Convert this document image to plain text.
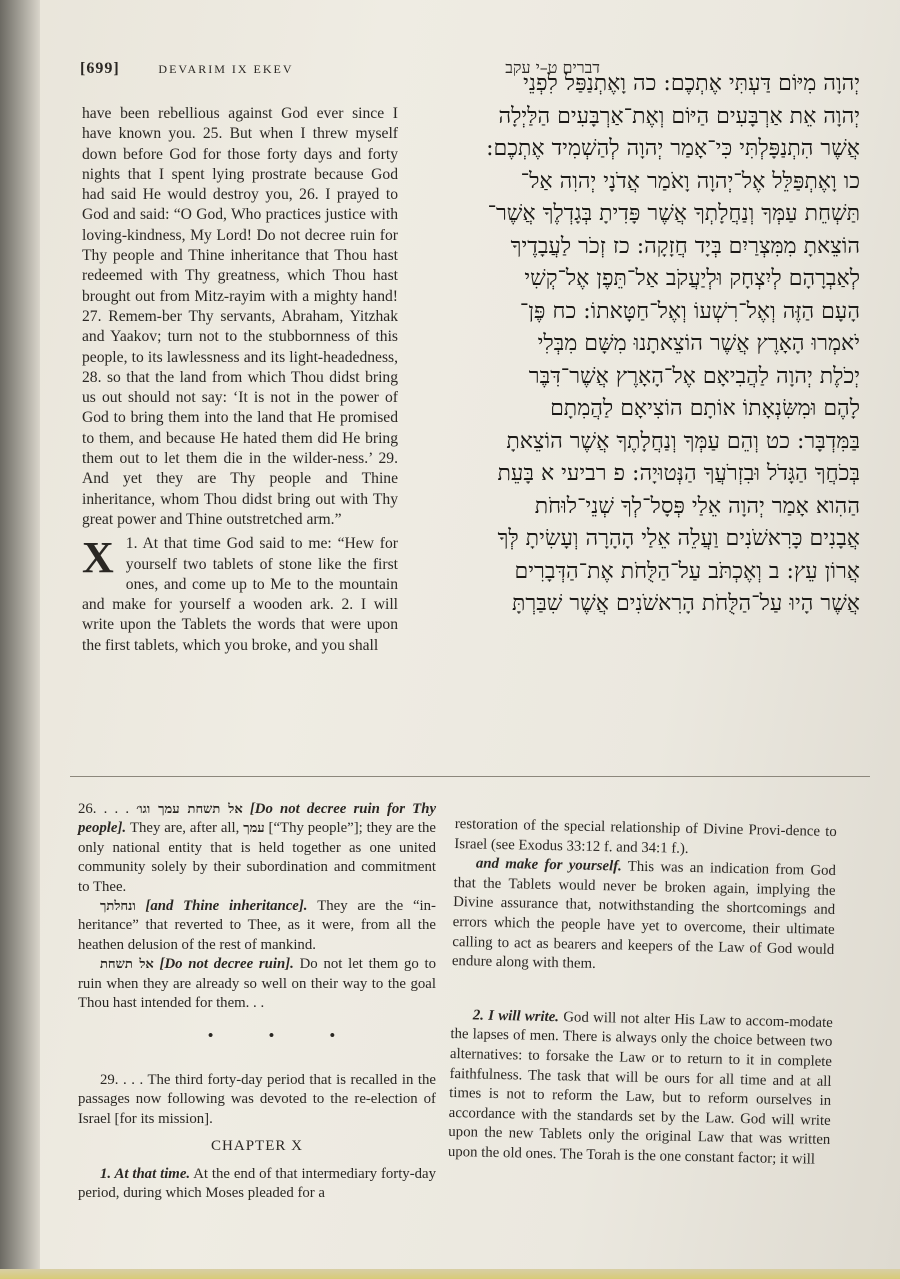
[699]	DEVARIM IX EKEV	דברים ט–י עקב

have been rebellious against God ever since I have known you. 25. But when I threw myself down before God for those forty days and forty nights that I spent lying prostrate because God had said He would destroy you, 26. I prayed to God and said: “O God, Who practices justice with loving-kindness, My Lord! Do not decree ruin for Thy people and Thine inheritance that Thou hast redeemed with Thy greatness, which Thou hast brought out from Mitz-rayim with a mighty hand! 27. Remem-ber Thy servants, Abraham, Yitzhak and Yaakov; turn not to the stubbornness of this people, to its lawlessness and its light-headedness, 28. so that the land from which Thou didst bring us out should not say: ‘It is not in the power of God to bring them into the land that He promised to them, and because He hated them did He bring them out to let them die in the wilder-ness.’ 29. And yet they are Thy people and Thine inheritance, whom Thou didst bring out with Thy great power and Thine outstretched arm.”

X 1. At that time God said to me: “Hew for yourself two tablets of stone like the first ones, and come up to Me to the mountain and make for yourself a wooden ark. 2. I will write upon the Tablets the words that were upon the first tablets, which you broke, and you shall

יְהוָה מִיּוֹם דַּעְתִּי אֶתְכֶם: כה וָאֶתְנַפַּל לִפְנֵי
יְהוָה אֵת אַרְבָּעִים הַיּוֹם וְאֶת־אַרְבָּעִים הַלַּיְלָה
אֲשֶׁר הִתְנַפָּלְתִּי כִּי־אָמַר יְהוָה לְהַשְׁמִיד אֶתְכֶם:
כו וָאֶתְפַּלֵּל אֶל־יְהוָה וָאֹמַר אֲדֹנָי יְהוִה אַל־
תַּשְׁחֵת עַמְּךָ וְנַחֲלָתְךָ אֲשֶׁר פָּדִיתָ בְּגָדְלֶךָ אֲשֶׁר־
הוֹצֵאתָ מִמִּצְרַיִם בְּיָד חֲזָקָה: כז זְכֹר לַעֲבָדֶיךָ
לְאַבְרָהָם לְיִצְחָק וּלְיַעֲקֹב אַל־תֵּפֶן אֶל־קְשִׁי
הָעָם הַזֶּה וְאֶל־רִשְׁעוֹ וְאֶל־חַטָּאתוֹ: כח פֶּן־
יֹאמְרוּ הָאָרֶץ אֲשֶׁר הוֹצֵאתָנוּ מִשָּׁם מִבְּלִי
יְכֹלֶת יְהוָה לַהֲבִיאָם אֶל־הָאָרֶץ אֲשֶׁר־דִּבֶּר
לָהֶם וּמִשִּׂנְאָתוֹ אוֹתָם הוֹצִיאָם לַהֲמִתָם
בַּמִּדְבָּר: כט וְהֵם עַמְּךָ וְנַחֲלָתֶךָ אֲשֶׁר הוֹצֵאתָ
בְּכֹחֲךָ הַגָּדֹל וּבִזְרֹעֲךָ הַנְּטוּיָה: פ רביעי א בָּעֵת
הַהִוא אָמַר יְהוָה אֵלַי פְּסָל־לְךָ שְׁנֵי־לוּחֹת
אֲבָנִים כָּרִאשֹׁנִים וַעֲלֵה אֵלַי הָהָרָה וְעָשִׂיתָ לְּךָ
אֲרוֹן עֵץ: ב וְאֶכְתֹּב עַל־הַלֻּחֹת אֶת־הַדְּבָרִים
אֲשֶׁר הָיוּ עַל־הַלֻּחֹת הָרִאשֹׁנִים אֲשֶׁר שִׁבַּרְתָּ

26. . . . אל תשחת עמך וגו׳ [Do not decree ruin for Thy people]. They are, after all, עמך [“Thy people”]; they are the only national entity that is held together as one united community solely by their subordination and commitment to Thee.

ונחלתך [and Thine inheritance]. They are the “in-heritance” that reverted to Thee, as it were, from all the heathen delusion of the rest of mankind.

אל תשחת [Do not decree ruin]. Do not let them go to ruin when they are already so well on their way to the goal Thou hast intended for them. . .

• • •

29. . . . The third forty-day period that is recalled in the passages now following was devoted to the re-election of Israel [for its mission].

CHAPTER X

1. At that time. At the end of that intermediary forty-day period, during which Moses pleaded for a

restoration of the special relationship of Divine Provi-dence to Israel (see Exodus 33:12 f. and 34:1 f.).

and make for yourself. This was an indication from God that the Tablets would never be broken again, implying the Divine assurance that, notwithstanding the shortcomings and errors which the people have yet to overcome, their ultimate calling to act as bearers and keepers of the Law of God would endure along with them.

2. I will write. God will not alter His Law to accom-modate the lapses of men. There is always only the choice between two alternatives: to forsake the Law or to return to it in complete faithfulness. The task that will be ours for all time and at all times is not to reform the Law, but to reform ourselves in accordance with the standards set by the Law. God will write upon the new Tablets only the original Law that was written upon the old ones. The Torah is the one constant factor; it will
